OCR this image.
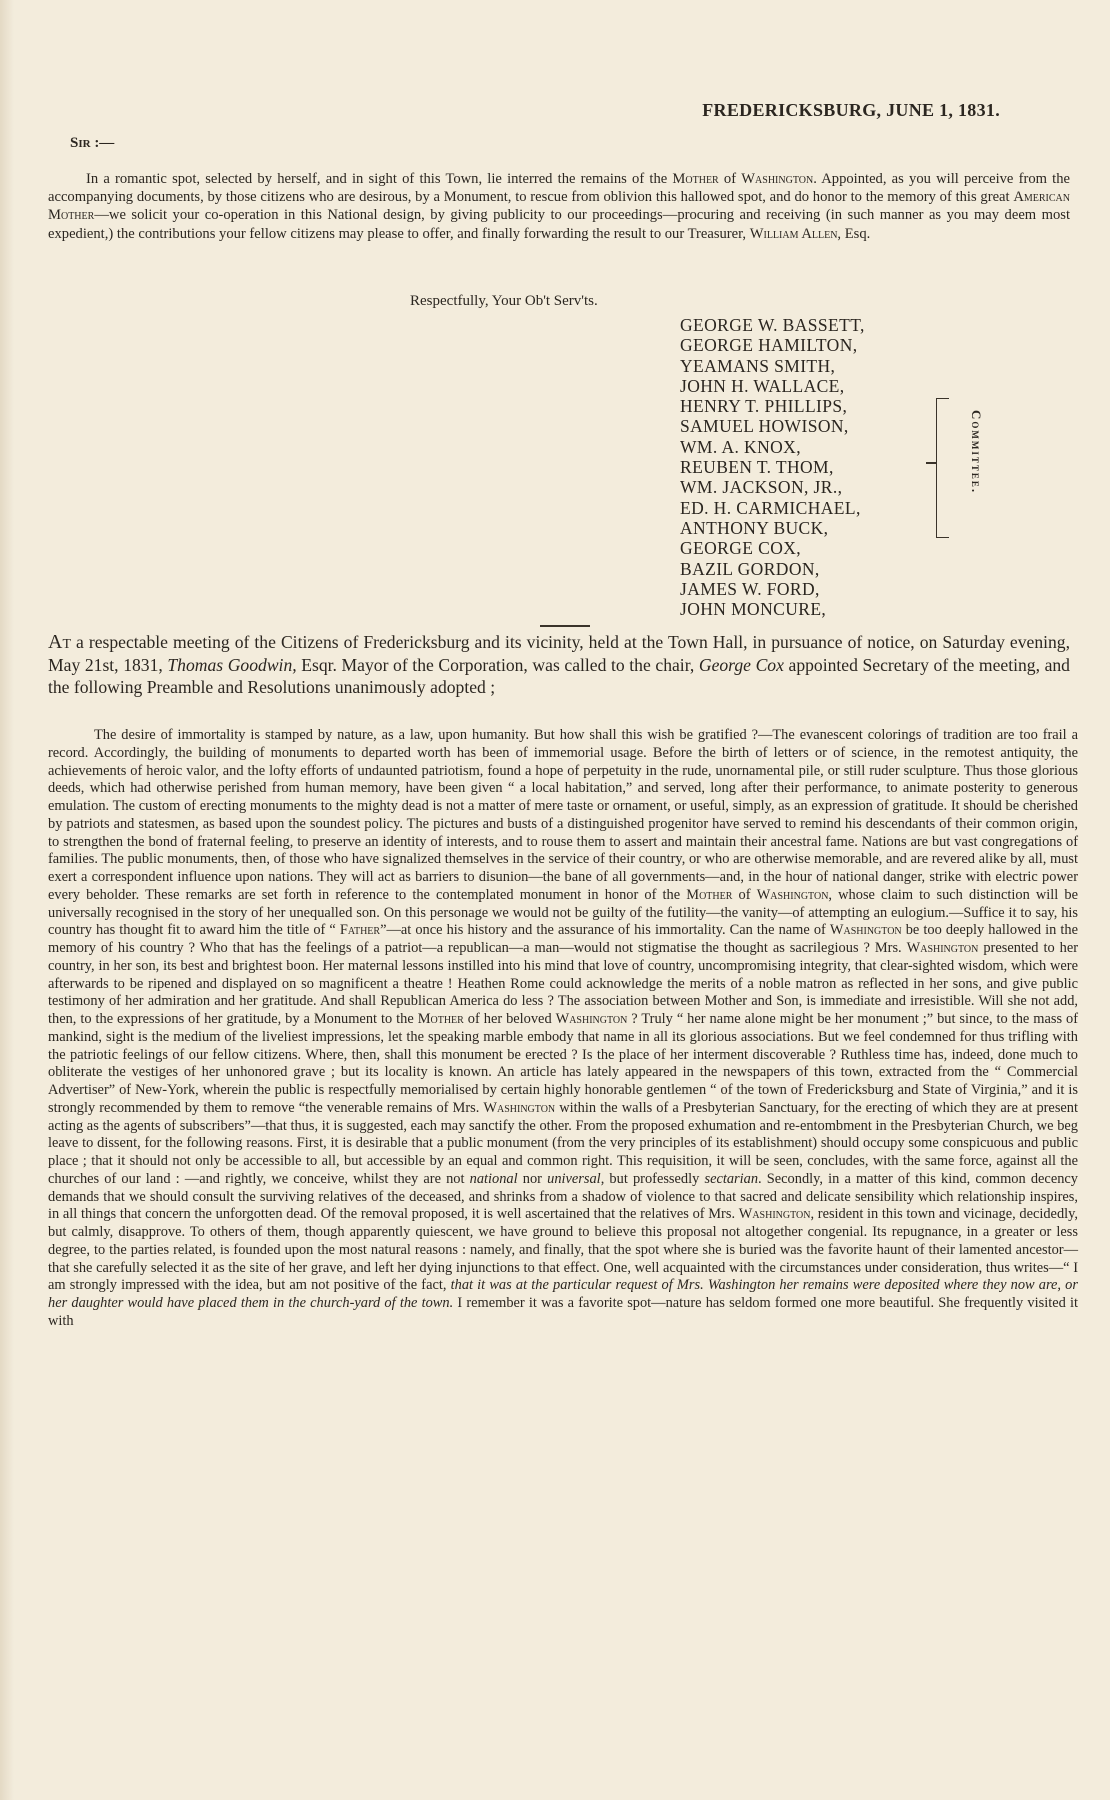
FREDERICKSBURG, JUNE 1, 1831.
Sir :—

In a romantic spot, selected by herself, and in sight of this Town, lie interred the remains of the Mother of Washington. Appointed, as you will perceive from the accompanying documents, by those citizens who are desirous, by a Monument, to rescue from oblivion this hallowed spot, and do honor to the memory of this great American Mother—we solicit your co-operation in this National design, by giving publicity to our proceedings—procuring and receiving (in such manner as you may deem most expedient,) the contributions your fellow citizens may please to offer, and finally forwarding the result to our Treasurer, William Allen, Esq.

Respectfully, Your Ob't Serv'ts.
GEORGE W. BASSETT,
GEORGE HAMILTON,
YEAMANS SMITH,
JOHN H. WALLACE,
HENRY T. PHILLIPS,
SAMUEL HOWISON,
WM. A. KNOX,
REUBEN T. THOM,
WM. JACKSON, JR.,
ED. H. CARMICHAEL,
ANTHONY BUCK,
GEORGE COX,
BAZIL GORDON,
JAMES W. FORD,
JOHN MONCURE,
Committee.

At a respectable meeting of the Citizens of Fredericksburg and its vicinity, held at the Town Hall, in pursuance of notice, on Saturday evening, May 21st, 1831, Thomas Goodwin, Esqr. Mayor of the Corporation, was called to the chair, George Cox appointed Secretary of the meeting, and the following Preamble and Resolutions unanimously adopted ;

The desire of immortality is stamped by nature, as a law, upon humanity. But how shall this wish be gratified ?—The evanescent colorings of tradition are too frail a record. Accordingly, the building of monuments to departed worth has been of immemorial usage. Before the birth of letters or of science, in the remotest antiquity, the achievements of heroic valor, and the lofty efforts of undaunted patriotism, found a hope of perpetuity in the rude, unornamental pile, or still ruder sculpture. Thus those glorious deeds, which had otherwise perished from human memory, have been given “ a local habitation,” and served, long after their performance, to animate posterity to generous emulation. The custom of erecting monuments to the mighty dead is not a matter of mere taste or ornament, or useful, simply, as an expression of gratitude. It should be cherished by patriots and statesmen, as based upon the soundest policy. The pictures and busts of a distinguished progenitor have served to remind his descendants of their common origin, to strengthen the bond of fraternal feeling, to preserve an identity of interests, and to rouse them to assert and maintain their ancestral fame. Nations are but vast congregations of families. The public monuments, then, of those who have signalized themselves in the service of their country, or who are otherwise memorable, and are revered alike by all, must exert a correspondent influence upon nations. They will act as barriers to disunion—the bane of all governments—and, in the hour of national danger, strike with electric power every beholder. These remarks are set forth in reference to the contemplated monument in honor of the Mother of Washington, whose claim to such distinction will be universally recognised in the story of her unequalled son. On this personage we would not be guilty of the futility—the vanity—of attempting an eulogium.—Suffice it to say, his country has thought fit to award him the title of “ Father”—at once his history and the assurance of his immortality. Can the name of Washington be too deeply hallowed in the memory of his country ? Who that has the feelings of a patriot—a republican—a man—would not stigmatise the thought as sacrilegious ? Mrs. Washington presented to her country, in her son, its best and brightest boon. Her maternal lessons instilled into his mind that love of country, uncompromising integrity, that clear-sighted wisdom, which were afterwards to be ripened and displayed on so magnificent a theatre ! Heathen Rome could acknowledge the merits of a noble matron as reflected in her sons, and give public testimony of her admiration and her gratitude. And shall Republican America do less ? The association between Mother and Son, is immediate and irresistible. Will she not add, then, to the expressions of her gratitude, by a Monument to the Mother of her beloved Washington ? Truly “ her name alone might be her monument ;” but since, to the mass of mankind, sight is the medium of the liveliest impressions, let the speaking marble embody that name in all its glorious associations. But we feel condemned for thus trifling with the patriotic feelings of our fellow citizens. Where, then, shall this monument be erected ? Is the place of her interment discoverable ? Ruthless time has, indeed, done much to obliterate the vestiges of her unhonored grave ; but its locality is known. An article has lately appeared in the newspapers of this town, extracted from the “ Commercial Advertiser” of New-York, wherein the public is respectfully memorialised by certain highly honorable gentlemen “ of the town of Fredericksburg and State of Virginia,” and it is strongly recommended by them to remove “the venerable remains of Mrs. Washington within the walls of a Presbyterian Sanctuary, for the erecting of which they are at present acting as the agents of subscribers”—that thus, it is suggested, each may sanctify the other. From the proposed exhumation and re-entombment in the Presbyterian Church, we beg leave to dissent, for the following reasons. First, it is desirable that a public monument (from the very principles of its establishment) should occupy some conspicuous and public place ; that it should not only be accessible to all, but accessible by an equal and common right. This requisition, it will be seen, concludes, with the same force, against all the churches of our land : —and rightly, we conceive, whilst they are not national nor universal, but professedly sectarian. Secondly, in a matter of this kind, common decency demands that we should consult the surviving relatives of the deceased, and shrinks from a shadow of violence to that sacred and delicate sensibility which relationship inspires, in all things that concern the unforgotten dead. Of the removal proposed, it is well ascertained that the relatives of Mrs. Washington, resident in this town and vicinage, decidedly, but calmly, disapprove. To others of them, though apparently quiescent, we have ground to believe this proposal not altogether congenial. Its repugnance, in a greater or less degree, to the parties related, is founded upon the most natural reasons : namely, and finally, that the spot where she is buried was the favorite haunt of their lamented ancestor—that she carefully selected it as the site of her grave, and left her dying injunctions to that effect. One, well acquainted with the circumstances under consideration, thus writes—“ I am strongly impressed with the idea, but am not positive of the fact, that it was at the particular request of Mrs. Washington her remains were deposited where they now are, or her daughter would have placed them in the church-yard of the town. I remember it was a favorite spot—nature has seldom formed one more beautiful. She frequently visited it with
